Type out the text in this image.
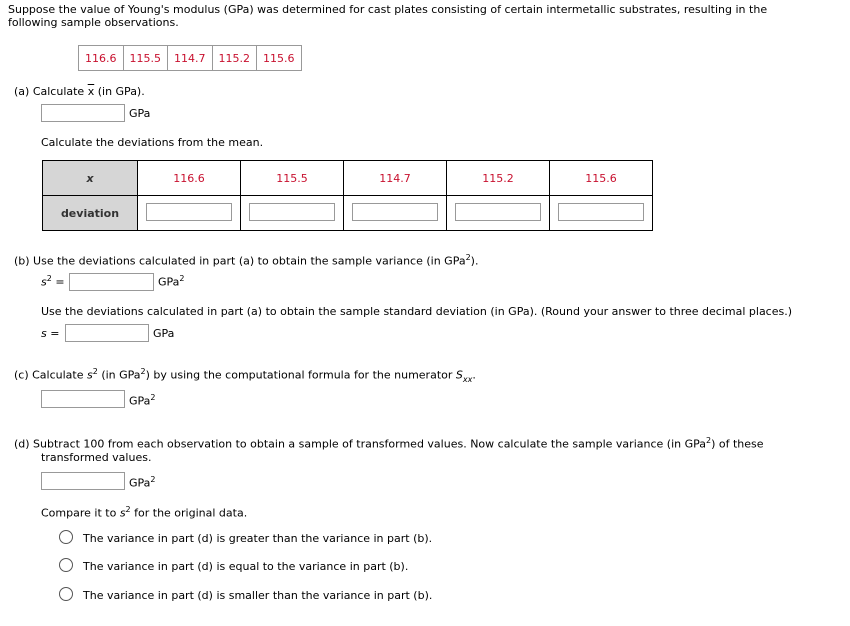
Suppose the value of Young's modulus (GPa) was determined for cast plates consisting of certain intermetallic substrates, resulting in the
following sample observations.
116.6	115.5	114.7	115.2	115.6
(a) Calculate $\overline{x}$ (in GPa).
GPa
Calculate the deviations from the mean.
x	116.6	115.5	114.7	115.2	115.6
deviation					
(b) Use the deviations calculated in part (a) to obtain the sample variance (in GPa$^2$).
$s^2$ =	GPa$^2$
Use the deviations calculated in part (a) to obtain the sample standard deviation (in GPa). (Round your answer to three decimal places.)
s =	GPa
(c) Calculate $s^2$ (in GPa$^2$) by using the computational formula for the numerator $S_{xx}$.
GPa$^2$
(d) Subtract 100 from each observation to obtain a sample of transformed values. Now calculate the sample variance (in GPa$^2$) of these
transformed values.
GPa$^2$
Compare it to $s^2$ for the original data.
The variance in part (d) is greater than the variance in part (b).
The variance in part (d) is equal to the variance in part (b).
The variance in part (d) is smaller than the variance in part (b).
